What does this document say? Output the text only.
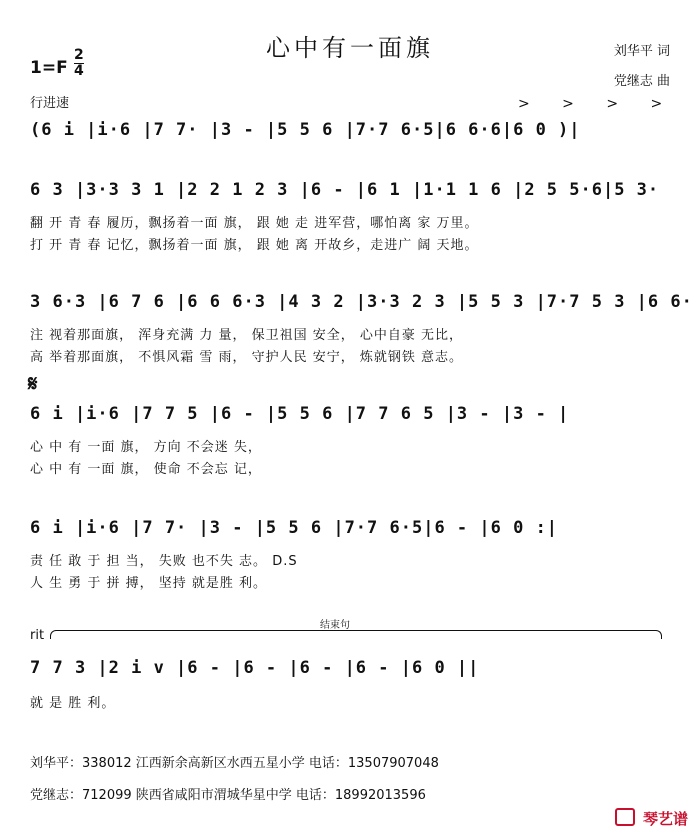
心中有一面旗
1=F
2
4
行进速
刘华平 词
党继志 曲
> > > >
(6 i |i·6 |7 7· |3 - |5 5 6 |7·7 6·5|6 6·6|6 0 )|
6 3 |3·3 3 1 |2 2 1 2 3 |6 - |6 1 |1·1 1 6 |2 5 5·6|5 3·
翻 开 青 春 履历，飘扬着一面 旗， 跟 她 走 进军营，哪怕离 家 万里。
打 开 青 春 记忆，飘扬着一面 旗， 跟 她 离 开故乡，走进广 阔 天地。
3 6·3 |6 7 6 |6 6 6·3 |4 3 2 |3·3 2 3 |5 5 3 |7·7 5 3 |6 6·
注 视着那面旗， 浑身充满 力 量， 保卫祖国 安全， 心中自豪 无比，
高 举着那面旗， 不惧风霜 雪 雨， 守护人民 安宁， 炼就钢铁 意志。
𝄋
6 i |i·6 |7 7 5 |6 - |5 5 6 |7 7 6 5 |3 - |3 - |
心 中 有 一面 旗， 方向 不会迷 失，
心 中 有 一面 旗， 使命 不会忘 记，
6 i |i·6 |7 7· |3 - |5 5 6 |7·7 6·5|6 - |6 0 :|
责 任 敢 于 担 当， 失败 也不失 志。 D.S
人 生 勇 于 拼 搏， 坚持 就是胜 利。
结束句
rit
7 7 3 |2 i v |6 - |6 - |6 - |6 - |6 0 ||
就 是 胜 利。
刘华平：338012 江西新余高新区水西五星小学 电话：13507907048
党继志：712099 陕西省咸阳市渭城华星中学 电话：18992013596
琴艺谱
